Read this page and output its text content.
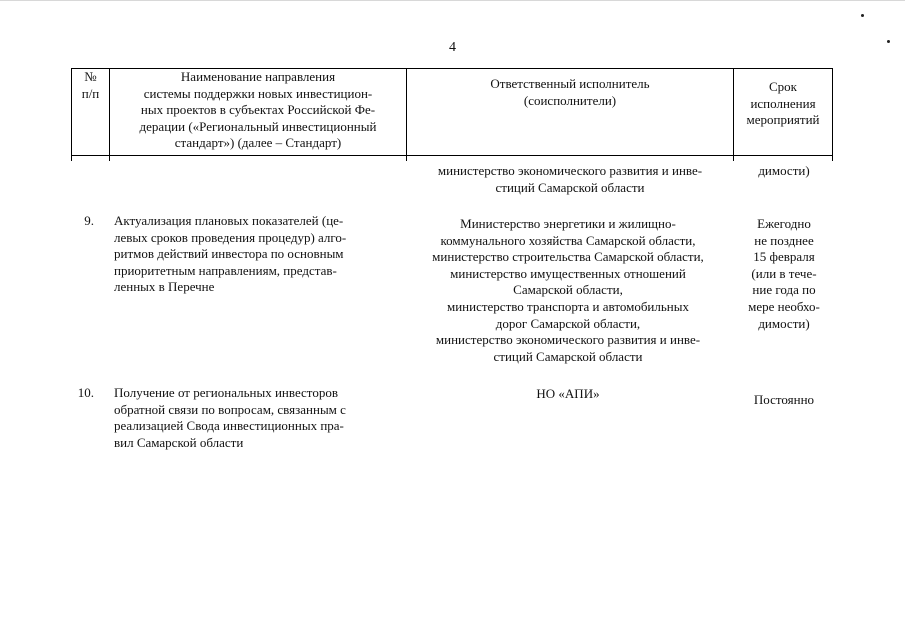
4
№
п/п
Наименование направления
системы поддержки новых инвестицион-
ных проектов в субъектах Российской Фе-
дерации («Региональный инвестиционный
стандарт») (далее – Стандарт)
Ответственный исполнитель
(соисполнители)
Срок
исполнения
мероприятий
министерство экономического развития и инве-
стиций Самарской области
димости)
9. Актуализация плановых показателей (це-
левых сроков проведения процедур) алго-
ритмов действий инвестора по основным
приоритетным направлениям, представ-
ленных в Перечне
Министерство энергетики и жилищно-
коммунального хозяйства Самарской области,
министерство строительства Самарской области,
министерство имущественных отношений
Самарской области,
министерство транспорта и автомобильных
дорог Самарской области,
министерство экономического развития и инве-
стиций Самарской области
Ежегодно
не позднее
15 февраля
(или в тече-
ние года по
мере необхо-
димости)
10. Получение от региональных инвесторов
обратной связи по вопросам, связанным с
реализацией Свода инвестиционных пра-
вил Самарской области
НО «АПИ»	Постоянно
